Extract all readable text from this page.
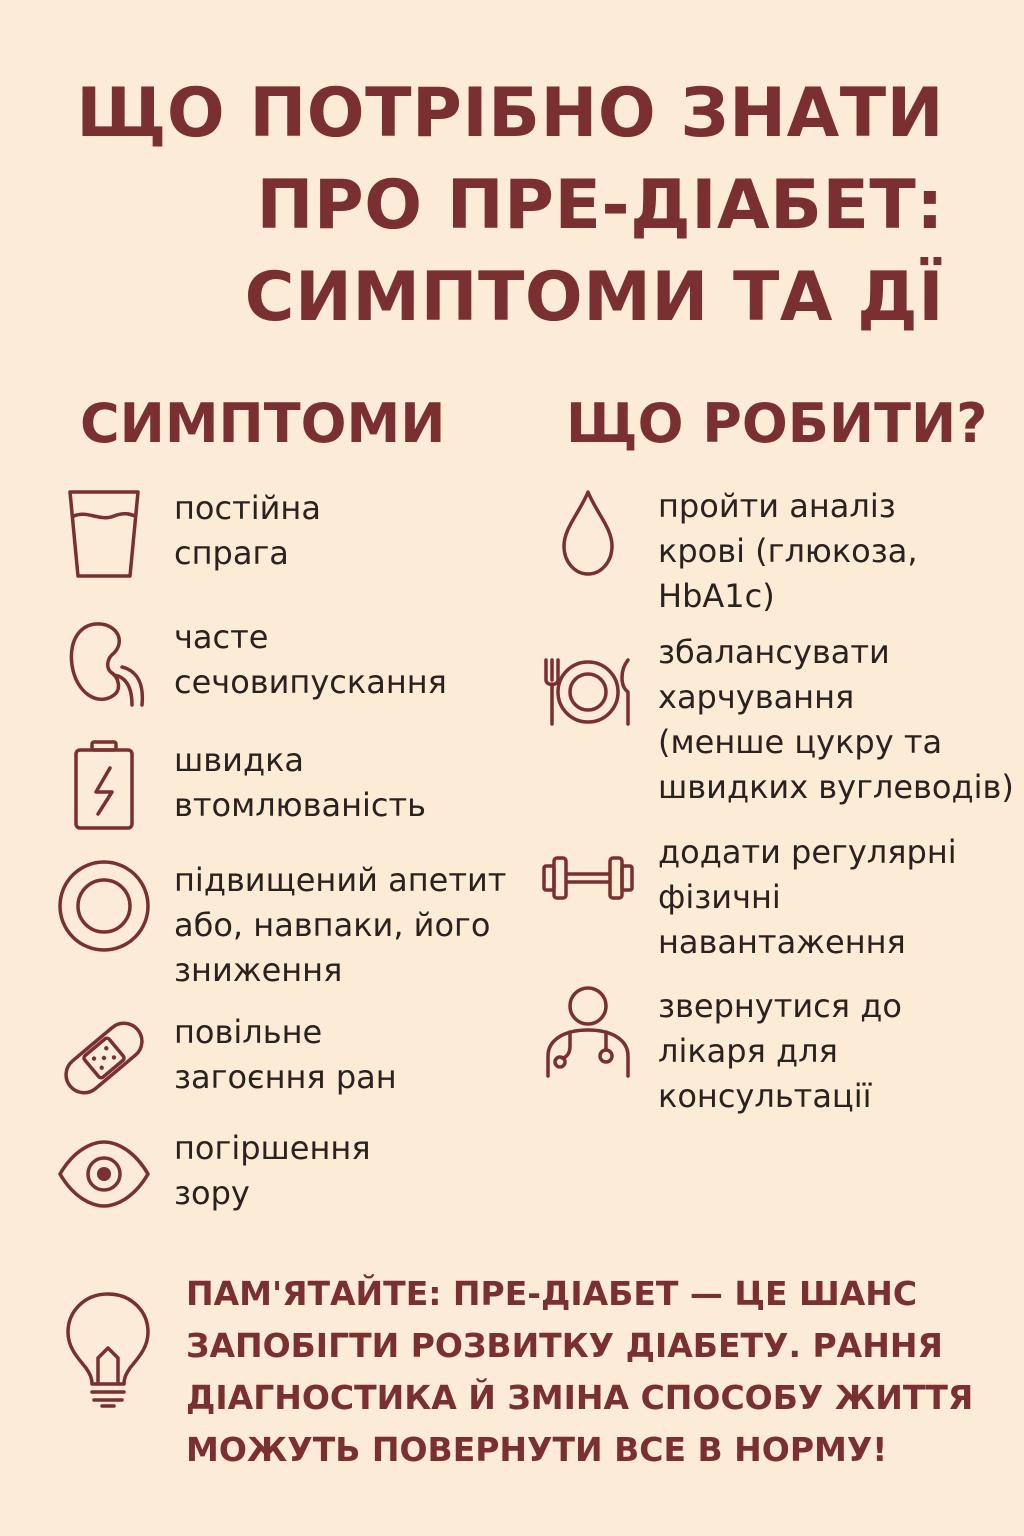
ЩО ПОТРІБНО ЗНАТИ
ПРО ПРЕ-ДІАБЕТ:
СИМПТОМИ ТА ДЇ
СИМПТОМИ ЩО РОБИТИ?
постійна
спрага
часте
сечовипускання
швидка
втомлюваність
підвищений апетит
або, навпаки, його
зниження
повільне
загоєння ран
погіршення
зору
пройти аналіз
крові (глюкоза,
HbA1c)
збалансувати
харчування
(менше цукру та
швидких вуглеводів)
додати регулярні
фізичні
навантаження
звернутися до
лікаря для
консультації
ПАМ'ЯТАЙТЕ: ПРЕ-ДІАБЕТ — ЦЕ ШАНС
ЗАПОБІГТИ РОЗВИТКУ ДІАБЕТУ. РАННЯ
ДІАГНОСТИКА Й ЗМІНА СПОСОБУ ЖИТТЯ
МОЖУТЬ ПОВЕРНУТИ ВСЕ В НОРМУ!
